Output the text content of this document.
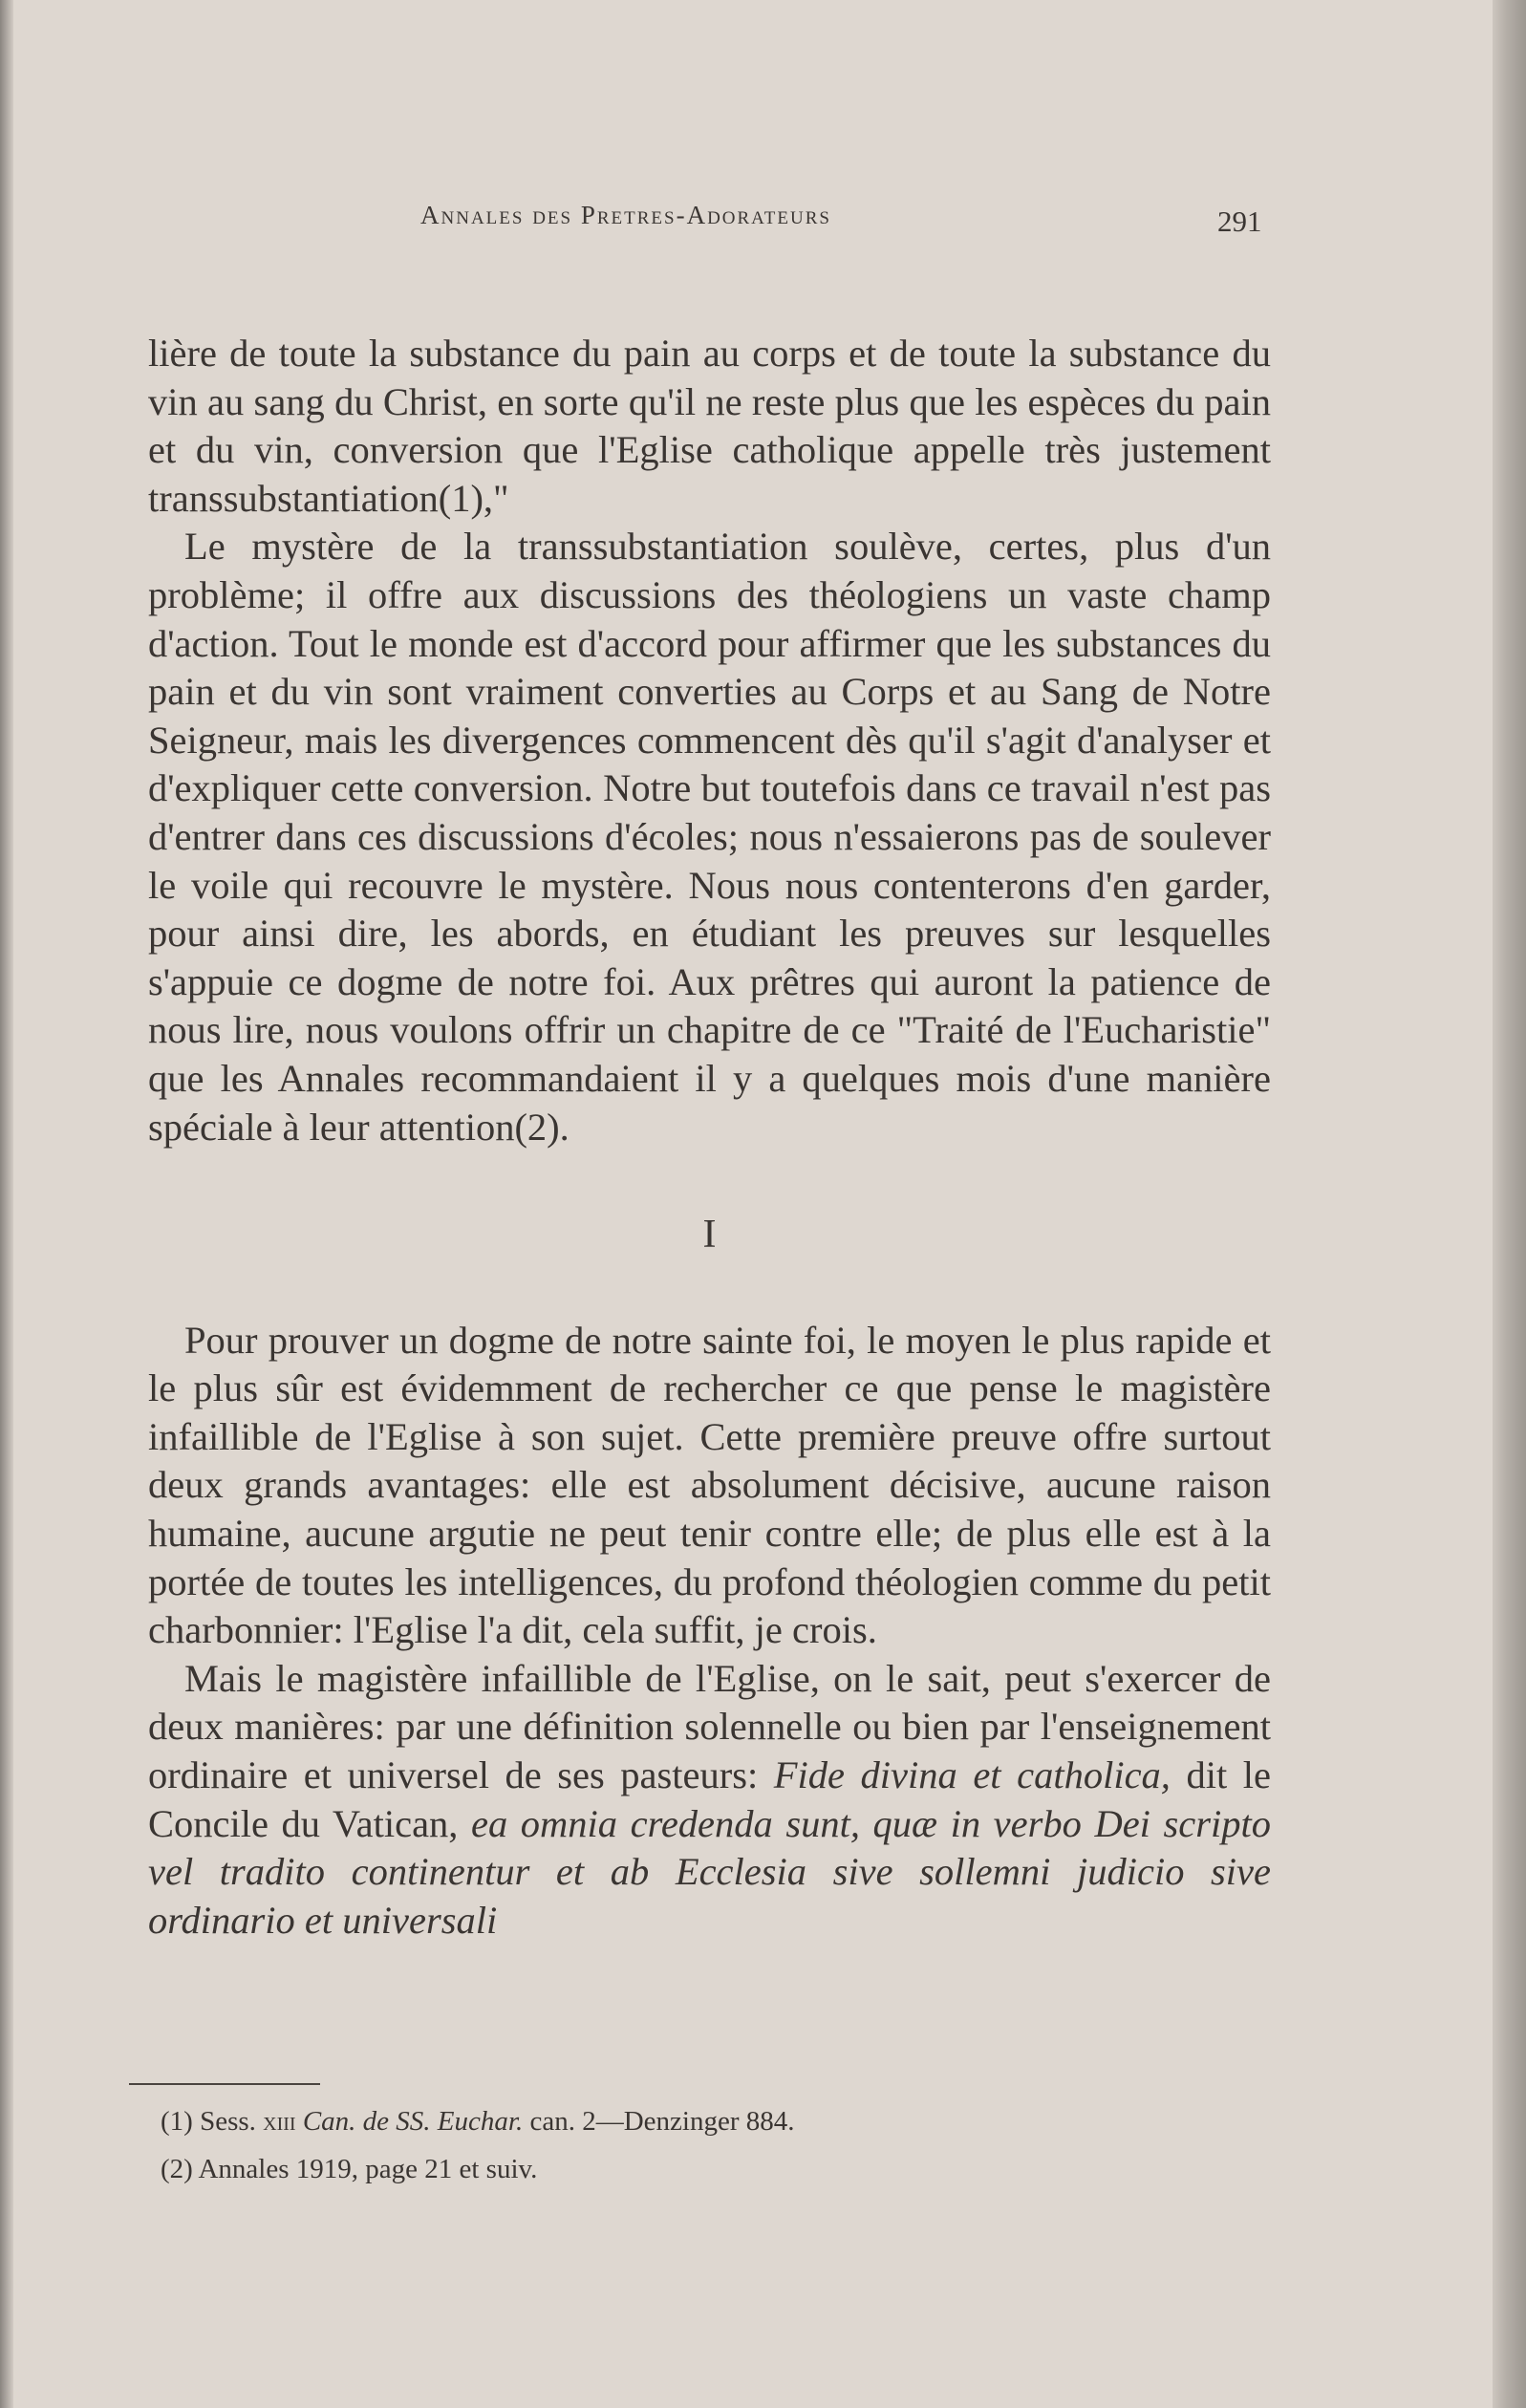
Annales des Pretres-Adorateurs	291

lière de toute la substance du pain au corps et de toute la substance du vin au sang du Christ, en sorte qu'il ne reste plus que les espèces du pain et du vin, conversion que l'Eglise catholique appelle très justement transsubstantiation(1),"

Le mystère de la transsubstantiation soulève, certes, plus d'un problème; il offre aux discussions des théologiens un vaste champ d'action. Tout le monde est d'accord pour affirmer que les substances du pain et du vin sont vraiment converties au Corps et au Sang de Notre Seigneur, mais les divergences commencent dès qu'il s'agit d'analyser et d'expliquer cette conversion. Notre but toutefois dans ce travail n'est pas d'entrer dans ces discussions d'écoles; nous n'essaierons pas de soulever le voile qui recouvre le mystère. Nous nous contenterons d'en garder, pour ainsi dire, les abords, en étudiant les preuves sur lesquelles s'appuie ce dogme de notre foi. Aux prêtres qui auront la patience de nous lire, nous voulons offrir un chapitre de ce "Traité de l'Eucharistie" que les Annales recommandaient il y a quelques mois d'une manière spéciale à leur attention(2).

I

Pour prouver un dogme de notre sainte foi, le moyen le plus rapide et le plus sûr est évidemment de rechercher ce que pense le magistère infaillible de l'Eglise à son sujet. Cette première preuve offre surtout deux grands avantages: elle est absolument décisive, aucune raison humaine, aucune argutie ne peut tenir contre elle; de plus elle est à la portée de toutes les intelligences, du profond théologien comme du petit charbonnier: l'Eglise l'a dit, cela suffit, je crois.

Mais le magistère infaillible de l'Eglise, on le sait, peut s'exercer de deux manières: par une définition solennelle ou bien par l'enseignement ordinaire et universel de ses pasteurs: Fide divina et catholica, dit le Concile du Vatican, ea omnia credenda sunt, quæ in verbo Dei scripto vel tradito continentur et ab Ecclesia sive sollemni judicio sive ordinario et universali

(1) Sess. xiii Can. de SS. Euchar. can. 2—Denzinger 884.
(2) Annales 1919, page 21 et suiv.
